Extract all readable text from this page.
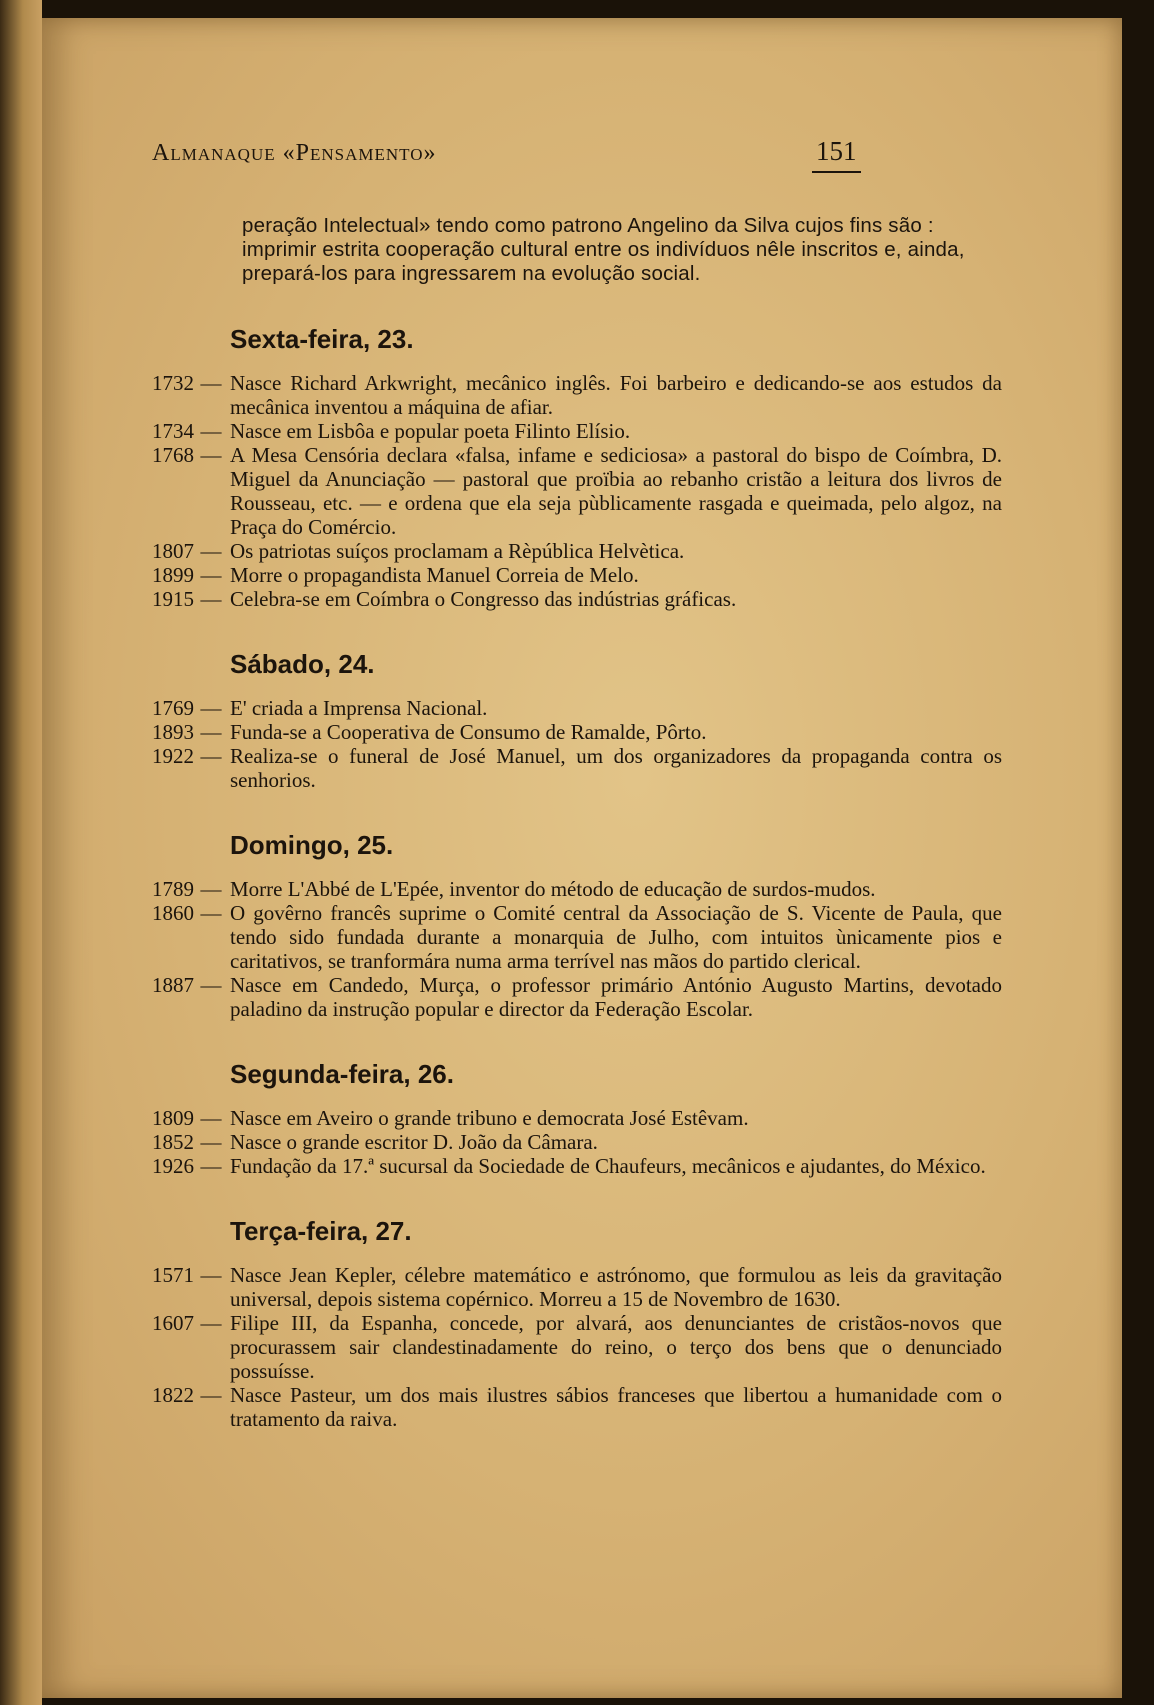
Almanaque «Pensamento»	151

peração Intelectual» tendo como patrono Angelino da Silva cujos fins são : imprimir estrita cooperação cultural entre os indivíduos nêle inscritos e, ainda, prepará-los para ingressarem na evolução social.

Sexta-feira, 23.
1732 — Nasce Richard Arkwright, mecânico inglês. Foi barbeiro e dedicando-se aos estudos da mecânica inventou a máquina de afiar.
1734 — Nasce em Lisbôa e popular poeta Filinto Elísio.
1768 — A Mesa Censória declara «falsa, infame e sediciosa» a pastoral do bispo de Coímbra, D. Miguel da Anunciação — pastoral que proïbia ao rebanho cristão a leitura dos livros de Rousseau, etc. — e ordena que ela seja pùblicamente rasgada e queimada, pelo algoz, na Praça do Comércio.
1807 — Os patriotas suíços proclamam a Rèpública Helvètica.
1899 — Morre o propagandista Manuel Correia de Melo.
1915 — Celebra-se em Coímbra o Congresso das indústrias gráficas.
Sábado, 24.
1769 — E' criada a Imprensa Nacional.
1893 — Funda-se a Cooperativa de Consumo de Ramalde, Pôrto.
1922 — Realiza-se o funeral de José Manuel, um dos organizadores da propaganda contra os senhorios.
Domingo, 25.
1789 — Morre L'Abbé de L'Epée, inventor do método de educação de surdos-mudos.
1860 — O govêrno francês suprime o Comité central da Associação de S. Vicente de Paula, que tendo sido fundada durante a monarquia de Julho, com intuitos ùnicamente pios e caritativos, se tranformára numa arma terrível nas mãos do partido clerical.
1887 — Nasce em Candedo, Murça, o professor primário António Augusto Martins, devotado paladino da instrução popular e director da Federação Escolar.
Segunda-feira, 26.
1809 — Nasce em Aveiro o grande tribuno e democrata José Estêvam.
1852 — Nasce o grande escritor D. João da Câmara.
1926 — Fundação da 17.ª sucursal da Sociedade de Chaufeurs, mecânicos e ajudantes, do México.
Terça-feira, 27.
1571 — Nasce Jean Kepler, célebre matemático e astrónomo, que formulou as leis da gravitação universal, depois sistema copérnico. Morreu a 15 de Novembro de 1630.
1607 — Filipe III, da Espanha, concede, por alvará, aos denunciantes de cristãos-novos que procurassem sair clandestinadamente do reino, o terço dos bens que o denunciado possuísse.
1822 — Nasce Pasteur, um dos mais ilustres sábios franceses que libertou a humanidade com o tratamento da raiva.
